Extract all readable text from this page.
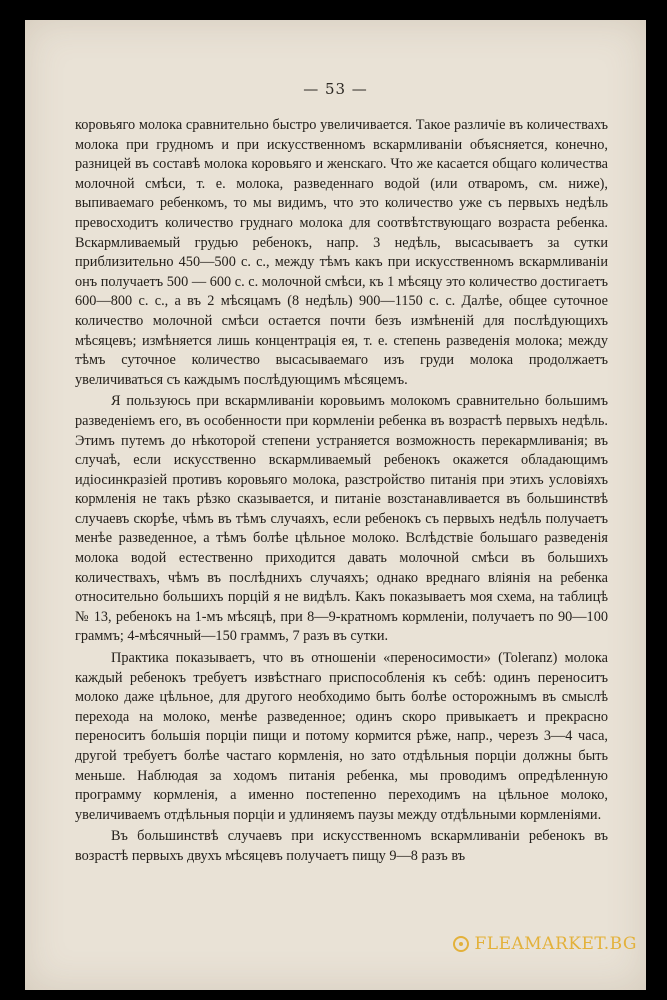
— 53 —

коровьяго молока сравнительно быстро увеличивается. Такое различіе въ количествахъ молока при грудномъ и при искусственномъ вскармливаніи объясняется, конечно, разницей въ составѣ молока коровьяго и женскаго. Что же касается общаго количества молочной смѣси, т. е. молока, разведеннаго водой (или отваромъ, см. ниже), выпиваемаго ребенкомъ, то мы видимъ, что это количество уже съ первыхъ недѣль превосходитъ количество груднаго молока для соотвѣтствующаго возраста ребенка. Вскармливаемый грудью ребенокъ, напр. 3 недѣль, высасываетъ за сутки приблизительно 450—500 c. c., между тѣмъ какъ при искусственномъ вскармливаніи онъ получаетъ 500 — 600 c. c. молочной смѣси, къ 1 мѣсяцу это количество достигаетъ 600—800 c. c., а въ 2 мѣсяцамъ (8 недѣль) 900—1150 c. c. Далѣе, общее суточное количество молочной смѣси остается почти безъ измѣненій для послѣдующихъ мѣсяцевъ; измѣняется лишь концентрація ея, т. е. степень разведенія молока; между тѣмъ суточное количество высасываемаго изъ груди молока продолжаетъ увеличиваться съ каждымъ послѣдующимъ мѣсяцемъ.

Я пользуюсь при вскармливаніи коровьимъ молокомъ сравнительно большимъ разведеніемъ его, въ особенности при кормленіи ребенка въ возрастѣ первыхъ недѣль. Этимъ путемъ до нѣкоторой степени устраняется возможность перекармливанія; въ случаѣ, если искусственно вскармливаемый ребенокъ окажется обладающимъ идіосинкразіей противъ коровьяго молока, разстройство питанія при этихъ условіяхъ кормленія не такъ рѣзко сказывается, и питаніе возстанавливается въ большинствѣ случаевъ скорѣе, чѣмъ въ тѣмъ случаяхъ, если ребенокъ съ первыхъ недѣль получаетъ менѣе разведенное, а тѣмъ болѣе цѣльное молоко. Вслѣдствіе большаго разведенія молока водой естественно приходится давать молочной смѣси въ большихъ количествахъ, чѣмъ въ послѣднихъ случаяхъ; однако вреднаго вліянія на ребенка относительно большихъ порцій я не видѣлъ. Какъ показываетъ моя схема, на таблицѣ № 13, ребенокъ на 1-мъ мѣсяцѣ, при 8—9-кратномъ кормленіи, получаетъ по 90—100 граммъ; 4-мѣсячный—150 граммъ, 7 разъ въ сутки.

Практика показываетъ, что въ отношеніи «переносимости» (Toleranz) молока каждый ребенокъ требуетъ извѣстнаго приспособленія къ себѣ: одинъ переноситъ молоко даже цѣльное, для другого необходимо быть болѣе осторожнымъ въ смыслѣ перехода на молоко, менѣе разведенное; одинъ скоро привыкаетъ и прекрасно переноситъ большія порціи пищи и потому кормится рѣже, напр., черезъ 3—4 часа, другой требуетъ болѣе частаго кормленія, но зато отдѣльныя порціи должны быть меньше. Наблюдая за ходомъ питанія ребенка, мы проводимъ опредѣленную программу кормленія, а именно постепенно переходимъ на цѣльное молоко, увеличиваемъ отдѣльныя порціи и удлиняемъ паузы между отдѣльными кормленіями.

Въ большинствѣ случаевъ при искусственномъ вскармливаніи ребенокъ въ возрастѣ первыхъ двухъ мѣсяцевъ получаетъ пищу 9—8 разъ въ

FLEAMARKET.BG
